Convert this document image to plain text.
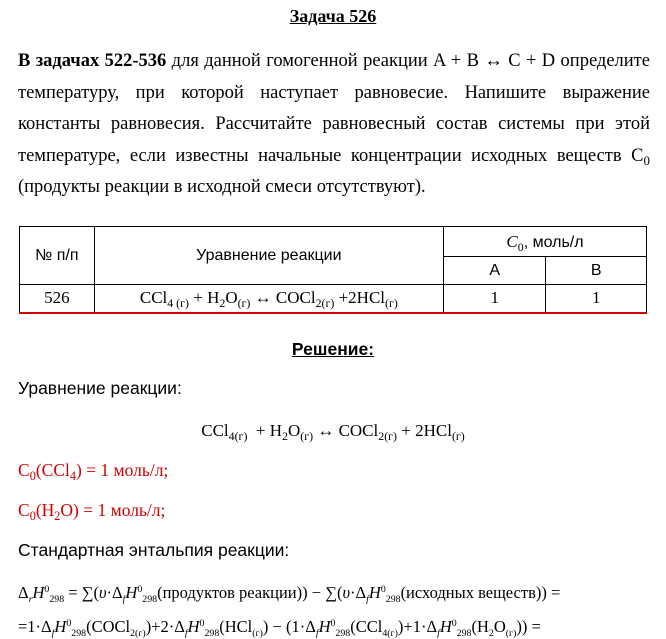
Задача 526
В задачах 522-536 для данной гомогенной реакции A + B ↔ C + D определите температуру, при которой наступает равновесие. Напишите выражение константы равновесия. Рассчитайте равновесный состав системы при этой температуре, если известны начальные концентрации исходных веществ $C_0$ (продукты реакции в исходной смеси отсутствуют).
№ п/п	Уравнение реакции	$C_0$, моль/л	
		A	B
526	$CCl_{4 (г)} + H_2O_{(г)}$ ↔ COCl$_{2(г)}$ +2HCl$_{(г)}$	1	1
Решение:
Уравнение реакции:
$CCl_{4(г)} + H_2O_{(г)}$ ↔ COCl$_{2(г)}$ + 2HCl$_{(г)}$
$C_0(CCl_4) = 1$ моль/л;
$C_0(H_2O) = 1$ моль/л;
Стандартная энтальпия реакции:
$\Delta_rH^0_{298}$ = $\sum(\upsilon\cdot\Delta_fH^0_{298}(продуктов$ реакции)) − $\sum(\upsilon\cdot\Delta_fH^0_{298}(исходных$ веществ)) =
$=1\cdot\Delta_fH^0_{298}(COCl_{2(г)})+2\cdot\Delta_fH^0_{298}(HCl_{(г)}) - (1\cdot\Delta_fH^0_{298}(CCl_{4(г)})+1\cdot\Delta_fH^0_{298}(H_2O_{(г)}))$ =
